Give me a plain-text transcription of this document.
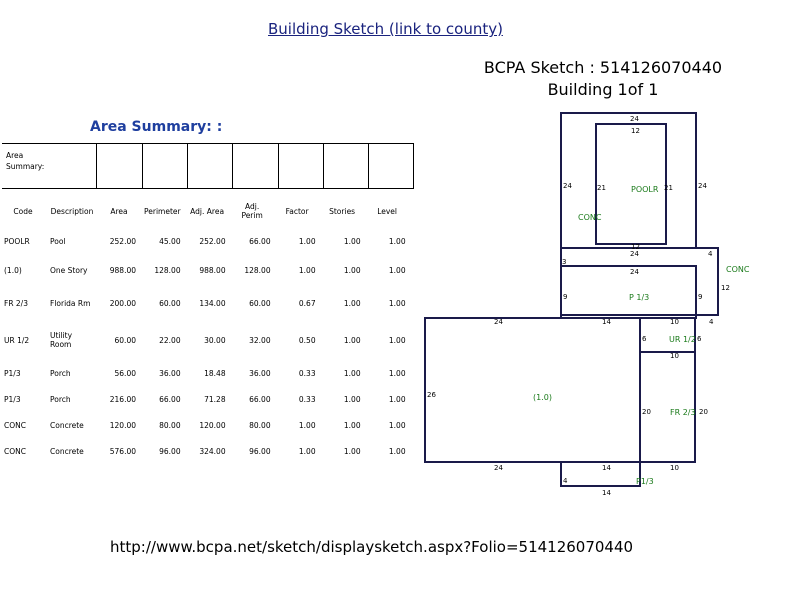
Building Sketch (link to county)
BCPA Sketch : 514126070440
Building 1of 1
Area Summary: :
Area Summary:
Code	Description	Area	Perimeter	Adj. Area	Adj. Perim	Factor	Stories	Level
POOLR	Pool	252.00	45.00	252.00	66.00	1.00	1.00	1.00
(1.0)	One Story	988.00	128.00	988.00	128.00	1.00	1.00	1.00
FR 2/3	Florida Rm	200.00	60.00	134.00	60.00	0.67	1.00	1.00
UR 1/2	Utility Room	60.00	22.00	30.00	32.00	0.50	1.00	1.00
P1/3	Porch	56.00	36.00	18.48	36.00	0.33	1.00	1.00
P1/3	Porch	216.00	66.00	71.28	66.00	0.33	1.00	1.00
CONC	Concrete	120.00	80.00	120.00	80.00	1.00	1.00	1.00
CONC	Concrete	576.00	96.00	324.00	96.00	1.00	1.00	1.00
POOLR
CONC
CONC
P 1/3
UR 1/2
(1.0)
FR 2/3
P1/3
24
12
24	21	21	24
12
24	4
12
3
24
9	9
24	14	10	4
6	6
10
26
20	20
24	14	10
4
14
http://www.bcpa.net/sketch/displaysketch.aspx?Folio=514126070440
